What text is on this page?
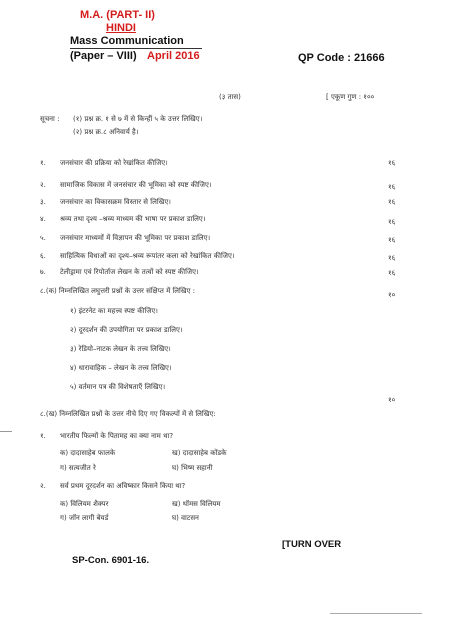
M.A. (PART- II)
HINDI
Mass Communication
(Paper – VIII) April 2016	QP Code : 21666
(३ तास)	[ एकूण गुण : १००
सूचना : (१) प्रश्न क्र. १ से ७ में से किन्हीं ५ के उत्तर लिखिए।
(२) प्रश्न क्र.८ अनिवार्य है।
१. जनसंचार की प्रक्रिया को रेखांकित कीजिए।	१६
२. सामाजिक विकास में जनसंचार की भूमिका को स्पष्ट कीजिए।	१६
३. जनसंचार का विकासक्रम विस्तार से लिखिए।	१६
४. श्रव्य तथा दृश्य –श्रव्य माध्यम की भाषा पर प्रकाश डालिए।	१६
५. जनसंचार माध्यमों में विज्ञापन की भूमिका पर प्रकाश डालिए।	१६
६. साहित्यिक विधाओं का दृश्य–श्रव्य रूपांतर कला को रेखांकित कीजिए।	१६
७. टेलीड्रामा एवं रिपोर्ताज लेखन के तत्वों को स्पष्ट कीजिए।	१६
८.(क) निम्नलिखित लघुत्तरी प्रश्नों के उत्तर संक्षिप्त में लिखिए :	१०
१) इंटरनेट का महत्त्व स्पष्ट कीजिए।
२) दूरदर्शन की उपयोगिता पर प्रकाश डालिए।
३) रेडियो–नाटक लेखन के तत्त्व लिखिए।
४) धारावाहिक – लेखन के तत्त्व लिखिए।
५) वर्तमान पत्र की विशेषताएँ लिखिए।
१०
८.(ख) निम्नलिखित प्रश्नों के उत्तर नीचे दिए गए विकल्पों में से लिखिए:
१. भारतीय फिल्मों के पितामह का क्या नाम था?
क) दादासाहेब फालके	ख) दादासाहेब कोंडके
ग) सत्यजीत रे	घ) भिष्म सहानी
२. सर्व प्रथम दूरदर्शन का अविष्कार किसने किया था?
क) विलियम शैक्पर	ख) थॉमस विलियम
ग) जॉन लागी बेयर्ड	घ) वाटसन
[TURN OVER
SP-Con. 6901-16.
